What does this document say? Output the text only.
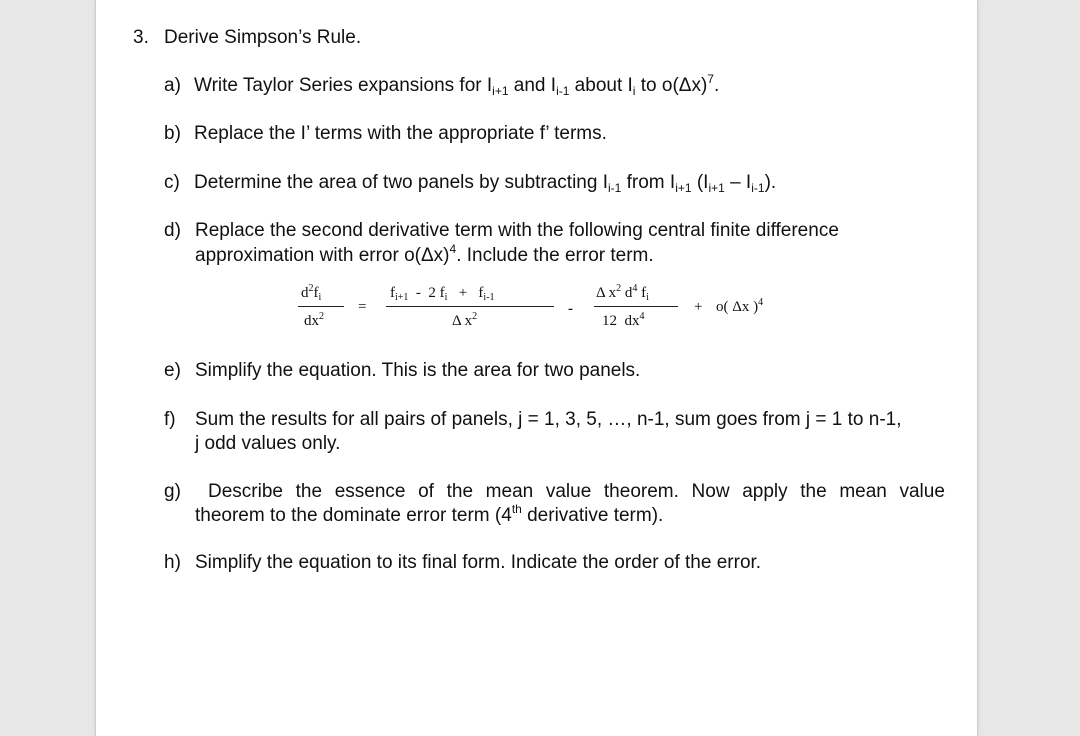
3. Derive Simpson’s Rule.
a) Write Taylor Series expansions for $I_{i+1}$ and $I_{i-1}$ about $I_i$ to $o(\Delta x)^7$.
b) Replace the I’ terms with the appropriate f’ terms.
c) Determine the area of two panels by subtracting $I_{i-1}$ from $I_{i+1}$ $(I_{i+1} - I_{i-1})$.
d) Replace the second derivative term with the following central finite difference
approximation with error $o(\Delta x)^4$. Include the error term.
$d^2f_i$
$dx^2$
=
$f_{i+1} - 2$ $f_i + f_{i-1}$
Δ $x^2$	-
Δ $x^2$ $d^4$ $f_i$
12  $dx^4$
+ o( Δx )$^4$
e) Simplify the equation. This is the area for two panels.
f) Sum the results for all pairs of panels, j = 1, 3, 5, …, n-1, sum goes from j = 1 to n-1,
j odd values only.
g) Describe the essence of the mean value theorem. Now apply the mean value
theorem to the dominate error term (4th derivative term).
h) Simplify the equation to its final form. Indicate the order of the error.
